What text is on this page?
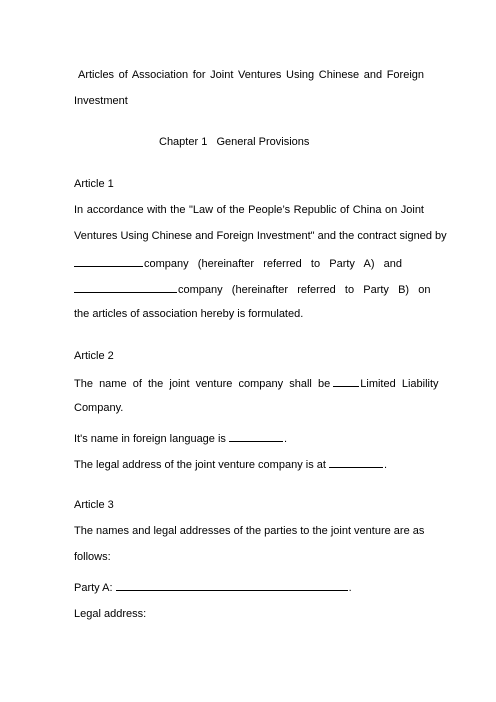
Articles of Association for Joint Ventures Using Chinese and Foreign
Investment
Chapter 1 General Provisions
Article 1
In accordance with the "Law of the People’s Republic of China on Joint
Ventures Using Chinese and Foreign Investment" and the contract signed by
company   (hereinafter   referred   to   Party   A)   and
company   (hereinafter   referred   to   Party   B)   on
the articles of association hereby is formulated.
Article 2
The  name  of  the  joint  venture  company  shall  be	Limited  Liability
Company.
It's name in foreign language is	.
The legal address of the joint venture company is at	.
Article 3
The names and legal addresses of the parties to the joint venture are as
follows:
Party A:	.
Legal address:
